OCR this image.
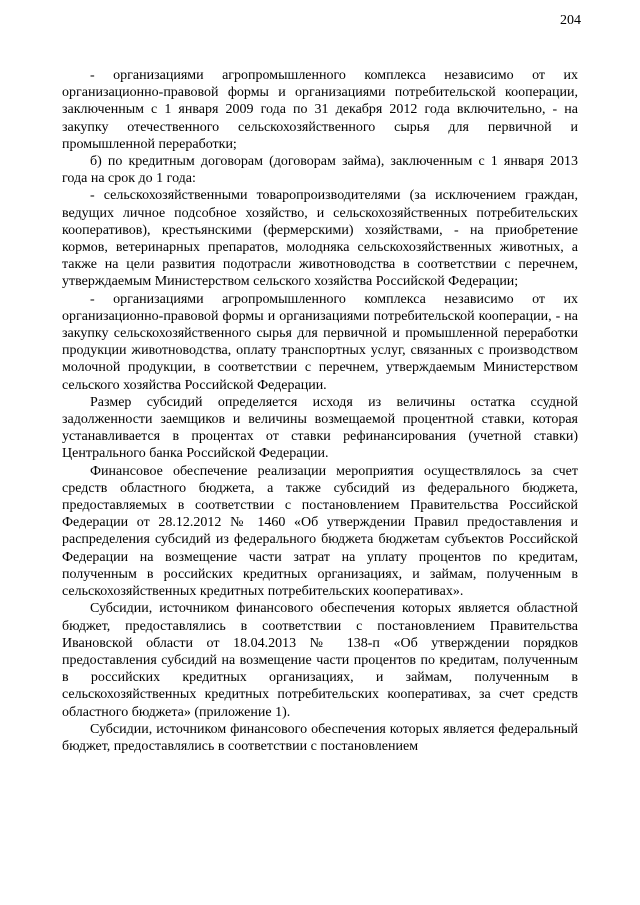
204

- организациями агропромышленного комплекса независимо от их организационно-правовой формы и организациями потребительской кооперации, заключенным с 1 января 2009 года по 31 декабря 2012 года включительно, - на закупку отечественного сельскохозяйственного сырья для первичной и промышленной переработки;

б) по кредитным договорам (договорам займа), заключенным с 1 января 2013 года на срок до 1 года:

- сельскохозяйственными товаропроизводителями (за исключением граждан, ведущих личное подсобное хозяйство, и сельскохозяйственных потребительских кооперативов), крестьянскими (фермерскими) хозяйствами, - на приобретение кормов, ветеринарных препаратов, молодняка сельскохозяйственных животных, а также на цели развития подотрасли животноводства в соответствии с перечнем, утверждаемым Министерством сельского хозяйства Российской Федерации;

- организациями агропромышленного комплекса независимо от их организационно-правовой формы и организациями потребительской кооперации, - на закупку сельскохозяйственного сырья для первичной и промышленной переработки продукции животноводства, оплату транспортных услуг, связанных с производством молочной продукции, в соответствии с перечнем, утверждаемым Министерством сельского хозяйства Российской Федерации.

Размер субсидий определяется исходя из величины остатка ссудной задолженности заемщиков и величины возмещаемой процентной ставки, которая устанавливается в процентах от ставки рефинансирования (учетной ставки) Центрального банка Российской Федерации.

Финансовое обеспечение реализации мероприятия осуществлялось за счет средств областного бюджета, а также субсидий из федерального бюджета, предоставляемых в соответствии с постановлением Правительства Российской Федерации от 28.12.2012 № 1460 «Об утверждении Правил предоставления и распределения субсидий из федерального бюджета бюджетам субъектов Российской Федерации на возмещение части затрат на уплату процентов по кредитам, полученным в российских кредитных организациях, и займам, полученным в сельскохозяйственных кредитных потребительских кооперативах».

Субсидии, источником финансового обеспечения которых является областной бюджет, предоставлялись в соответствии с постановлением Правительства Ивановской области от 18.04.2013 № 138-п «Об утверждении порядков предоставления субсидий на возмещение части процентов по кредитам, полученным в российских кредитных организациях, и займам, полученным в сельскохозяйственных кредитных потребительских кооперативах, за счет средств областного бюджета» (приложение 1).

Субсидии, источником финансового обеспечения которых является федеральный бюджет, предоставлялись в соответствии с постановлением
